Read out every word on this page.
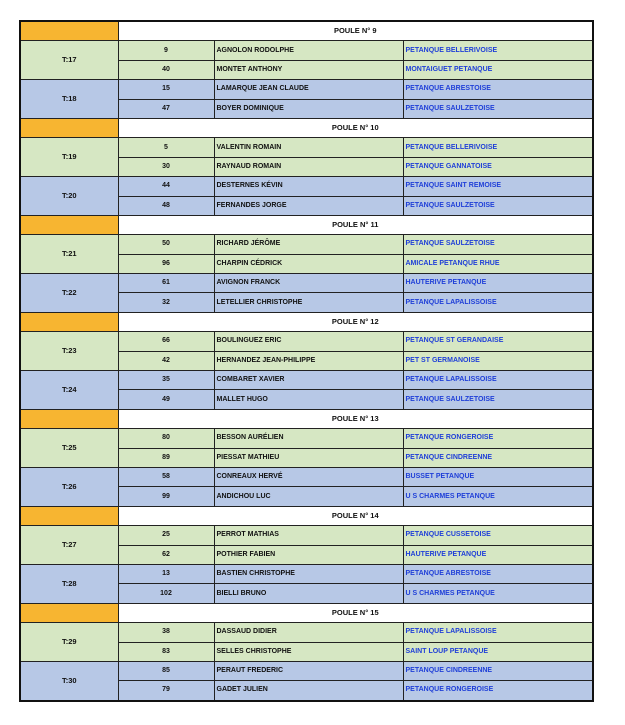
	POULE N° 9		
T:17	9	AGNOLON RODOLPHE	PETANQUE BELLERIVOISE
	40	MONTET ANTHONY	MONTAIGUET PETANQUE
T:18	15	LAMARQUE JEAN CLAUDE	PETANQUE ABRESTOISE
	47	BOYER DOMINIQUE	PETANQUE SAULZETOISE
	POULE N° 10		
T:19	5	VALENTIN ROMAIN	PETANQUE BELLERIVOISE
	30	RAYNAUD ROMAIN	PETANQUE GANNATOISE
T:20	44	DESTERNES KÉVIN	PETANQUE SAINT REMOISE
	48	FERNANDES JORGE	PETANQUE SAULZETOISE
	POULE N° 11		
T:21	50	RICHARD JÉRÔME	PETANQUE SAULZETOISE
	96	CHARPIN CÉDRICK	AMICALE PETANQUE RHUE
T:22	61	AVIGNON FRANCK	HAUTERIVE PETANQUE
	32	LETELLIER CHRISTOPHE	PETANQUE LAPALISSOISE
	POULE N° 12		
T:23	66	BOULINGUEZ ERIC	PETANQUE ST GERANDAISE
	42	HERNANDEZ JEAN-PHILIPPE	PET ST GERMANOISE
T:24	35	COMBARET XAVIER	PETANQUE LAPALISSOISE
	49	MALLET HUGO	PETANQUE SAULZETOISE
	POULE N° 13		
T:25	80	BESSON AURÉLIEN	PETANQUE RONGEROISE
	89	PIESSAT MATHIEU	PETANQUE CINDREENNE
T:26	58	CONREAUX HERVÉ	BUSSET PETANQUE
	99	ANDICHOU LUC	U S CHARMES PETANQUE
	POULE N° 14		
T:27	25	PERROT MATHIAS	PETANQUE CUSSETOISE
	62	POTHIER FABIEN	HAUTERIVE PETANQUE
T:28	13	BASTIEN CHRISTOPHE	PETANQUE ABRESTOISE
	102	BIELLI BRUNO	U S CHARMES PETANQUE
	POULE N° 15		
T:29	38	DASSAUD DIDIER	PETANQUE LAPALISSOISE
	83	SELLES CHRISTOPHE	SAINT LOUP PETANQUE
T:30	85	PERAUT FREDERIC	PETANQUE CINDREENNE
	79	GADET JULIEN	PETANQUE RONGEROISE
